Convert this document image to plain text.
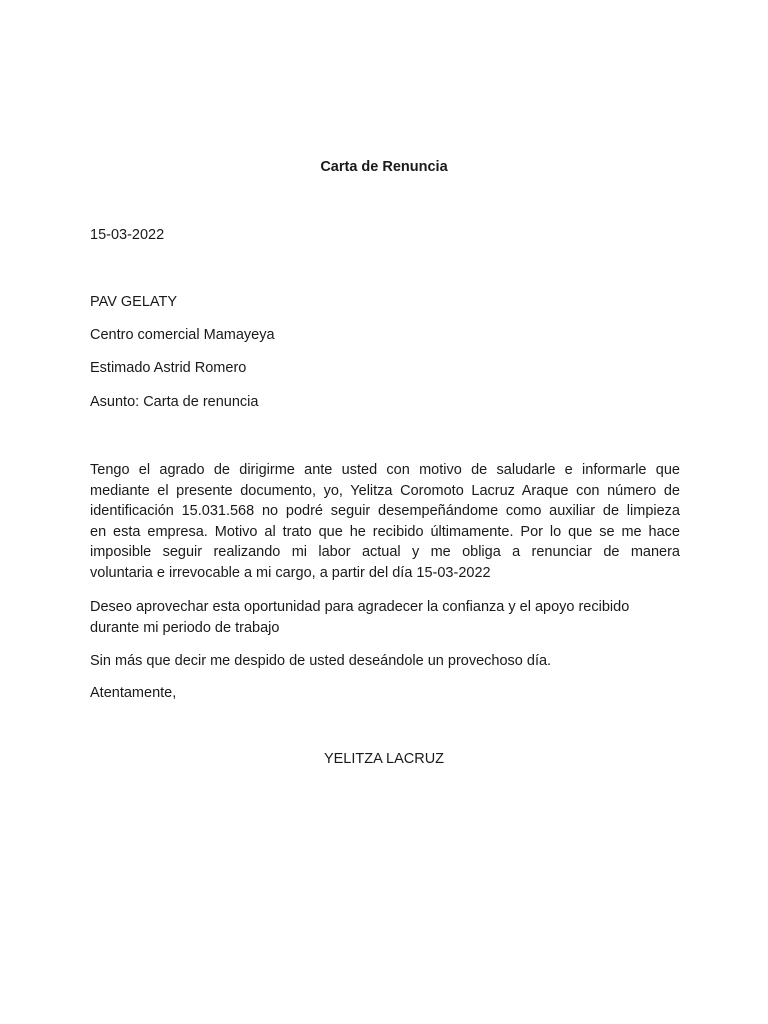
Carta de Renuncia
15-03-2022
PAV GELATY
Centro comercial Mamayeya
Estimado Astrid Romero
Asunto: Carta de renuncia
Tengo el agrado de dirigirme ante usted con motivo de saludarle e informarle que
mediante el presente documento, yo, Yelitza Coromoto Lacruz Araque con número de
identificación 15.031.568 no podré seguir desempeñándome como auxiliar de limpieza
en esta empresa. Motivo al trato que he recibido últimamente. Por lo que se me hace
imposible seguir realizando mi labor actual y me obliga a renunciar de manera
voluntaria e irrevocable a mi cargo, a partir del día 15-03-2022
Deseo aprovechar esta oportunidad para agradecer la confianza y el apoyo recibido
durante mi periodo de trabajo
Sin más que decir me despido de usted deseándole un provechoso día.
Atentamente,
YELITZA LACRUZ
